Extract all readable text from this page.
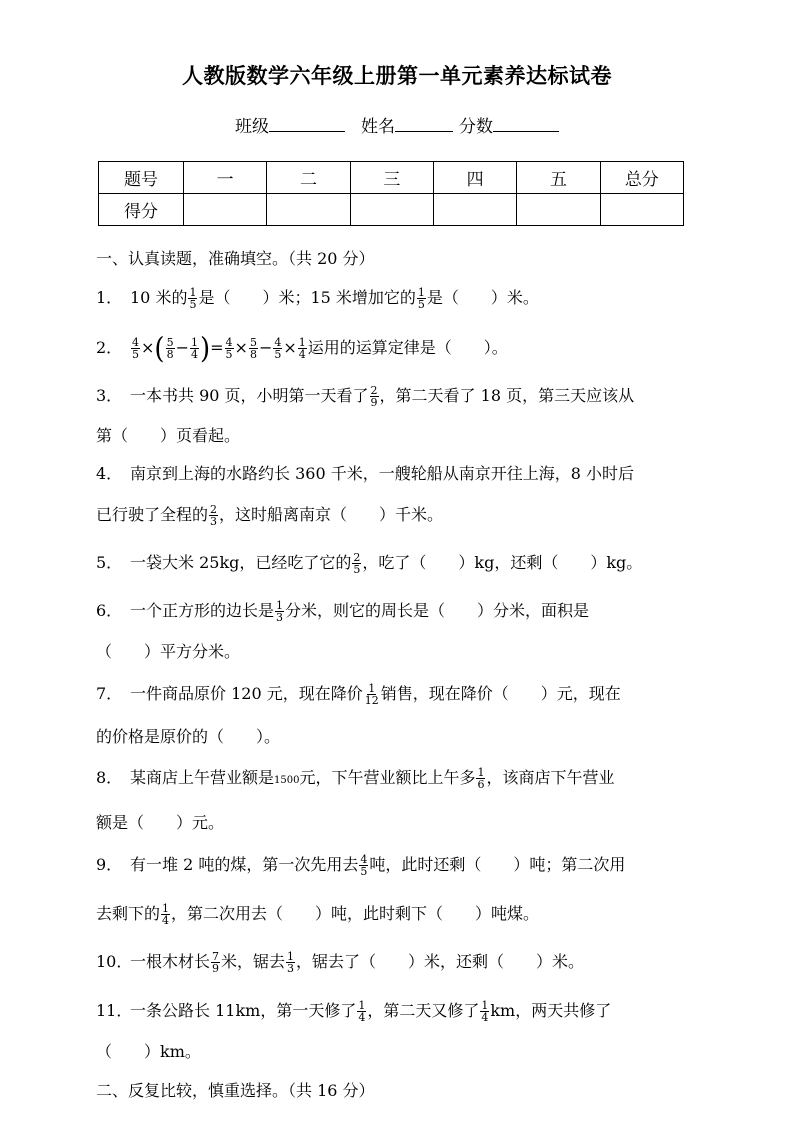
人教版数学六年级上册第一单元素养达标试卷
班级	姓名	分数
题号	一	二	三	四	五	总分
得分						
一、认真读题，准确填空。（共 20 分）
1． 10 米的 $\frac{1}{5}$ 是（　　）米；15 米增加它的 $\frac{1}{5}$ 是（　　）米。
2． $\frac{4}{5}$ ×( $\frac{5}{8} - \frac{1}{4}$ )= $\frac{4}{5} \times \frac{5}{8} - \frac{4}{5} \times \frac{1}{4}$ 运用的运算定律是（　　）。
3． 一本书共 90 页，小明第一天看了 $\frac{2}{9}$ ，第二天看了 18 页，第三天应该从
第（　　）页看起。
4． 南京到上海的水路约长 360 千米，一艘轮船从南京开往上海，8 小时后
已行驶了全程的 $\frac{2}{3}$ ，这时船离南京（　　）千米。
5． 一袋大米 25kg，已经吃了它的 $\frac{2}{5}$ ，吃了（　　）kg，还剩（　　）kg。
6． 一个正方形的边长是 $\frac{1}{3}$ 分米，则它的周长是（　　）分米，面积是
（　　）平方分米。
7． 一件商品原价 120 元，现在降价 $\frac{1}{12}$ 销售，现在降价（　　）元，现在
的价格是原价的（　　）。
8． 某商店上午营业额是1500元，下午营业额比上午多 $\frac{1}{6}$ ，该商店下午营业
额是（　　）元。
9． 有一堆 2 吨的煤，第一次先用去 $\frac{4}{5}$ 吨，此时还剩（　　）吨；第二次用
去剩下的 $\frac{1}{4}$ ，第二次用去（　　）吨，此时剩下（　　）吨煤。
10．一根木材长 $\frac{7}{9}$ 米，锯去 $\frac{1}{3}$ ，锯去了（　　）米，还剩（　　）米。
11．一条公路长 11km，第一天修了 $\frac{1}{4}$ ，第二天又修了 $\frac{1}{4}$ km，两天共修了
（　　）km。
二、反复比较，慎重选择。（共 16 分）
